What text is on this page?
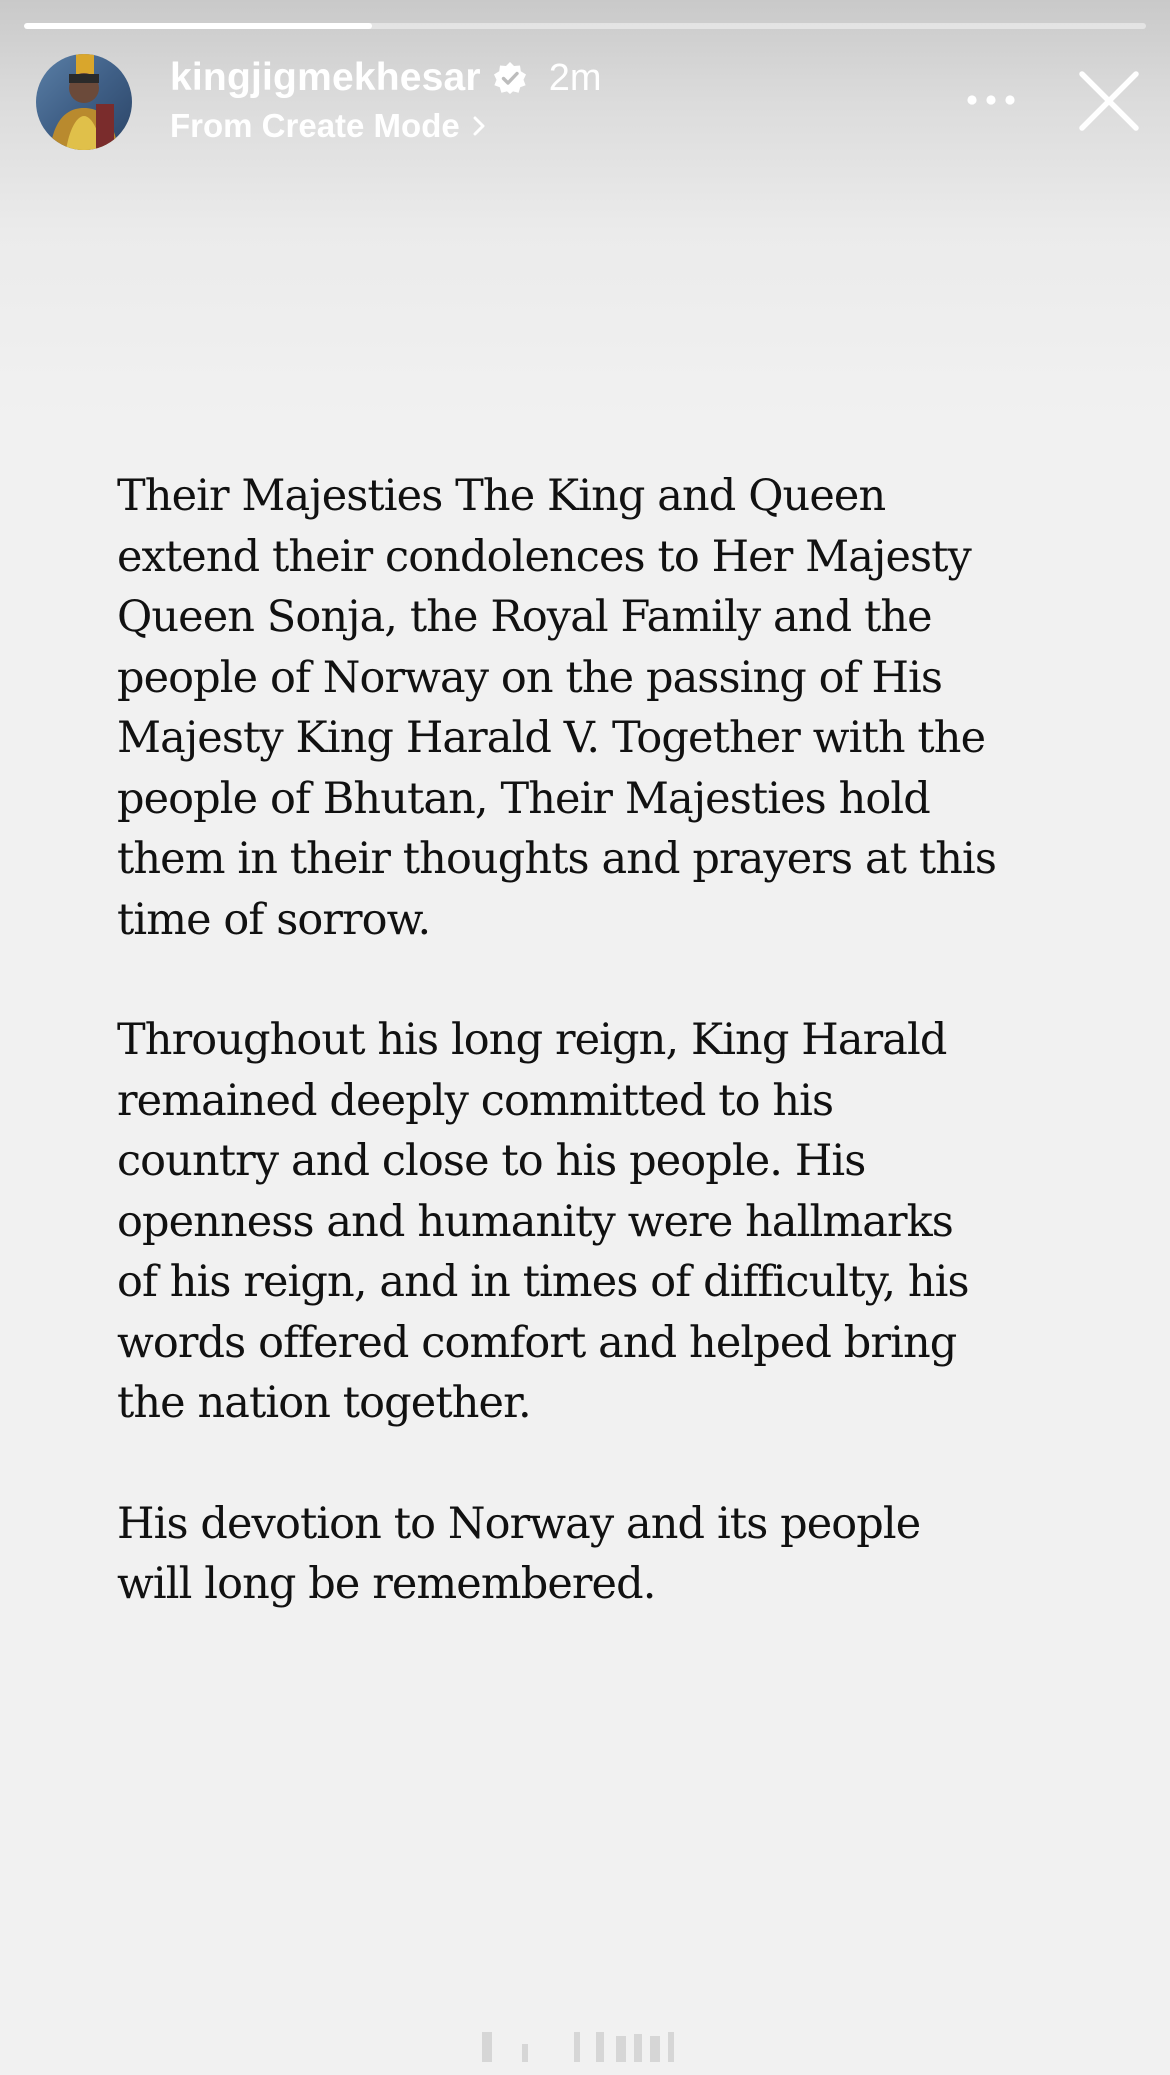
kingjigmekhesar 2m
From Create Mode

Their Majesties The King and Queen
extend their condolences to Her Majesty
Queen Sonja, the Royal Family and the
people of Norway on the passing of His
Majesty King Harald V. Together with the
people of Bhutan, Their Majesties hold
them in their thoughts and prayers at this
time of sorrow.

Throughout his long reign, King Harald
remained deeply committed to his
country and close to his people. His
openness and humanity were hallmarks
of his reign, and in times of difficulty, his
words offered comfort and helped bring
the nation together.

His devotion to Norway and its people
will long be remembered.
